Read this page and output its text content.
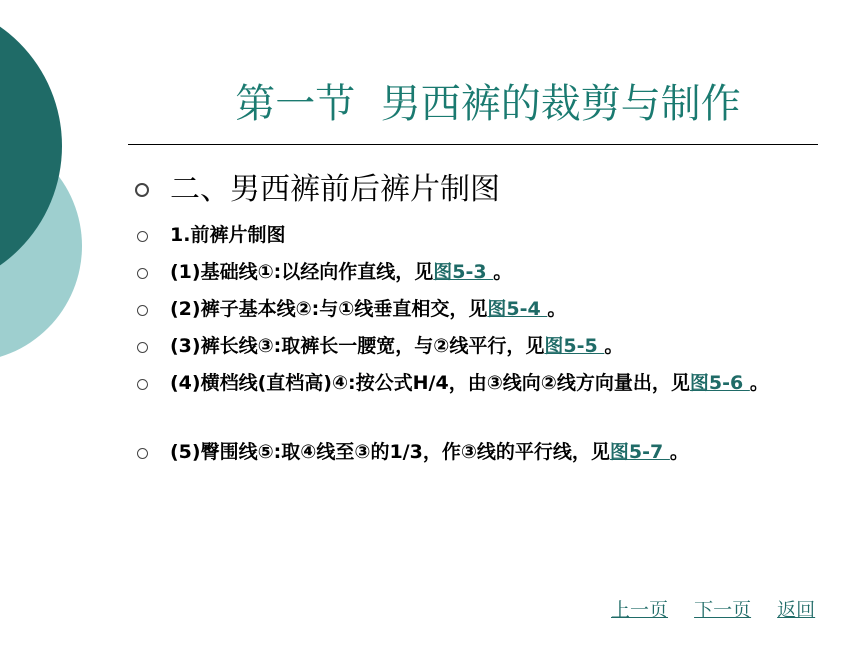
第一节  男西裤的裁剪与制作
二、男西裤前后裤片制图
1.前裤片制图
(1)基础线①:以经向作直线，见图5-3 。
(2)裤子基本线②:与①线垂直相交，见图5-4 。
(3)裤长线③:取裤长一腰宽，与②线平行，见图5-5 。
(4)横档线(直档高)④:按公式H/4，由③线向②线方向量出，见图5-6 。
(5)臀围线⑤:取④线至③的1/3，作③线的平行线，见图5-7 。
上一页 下一页 返回
